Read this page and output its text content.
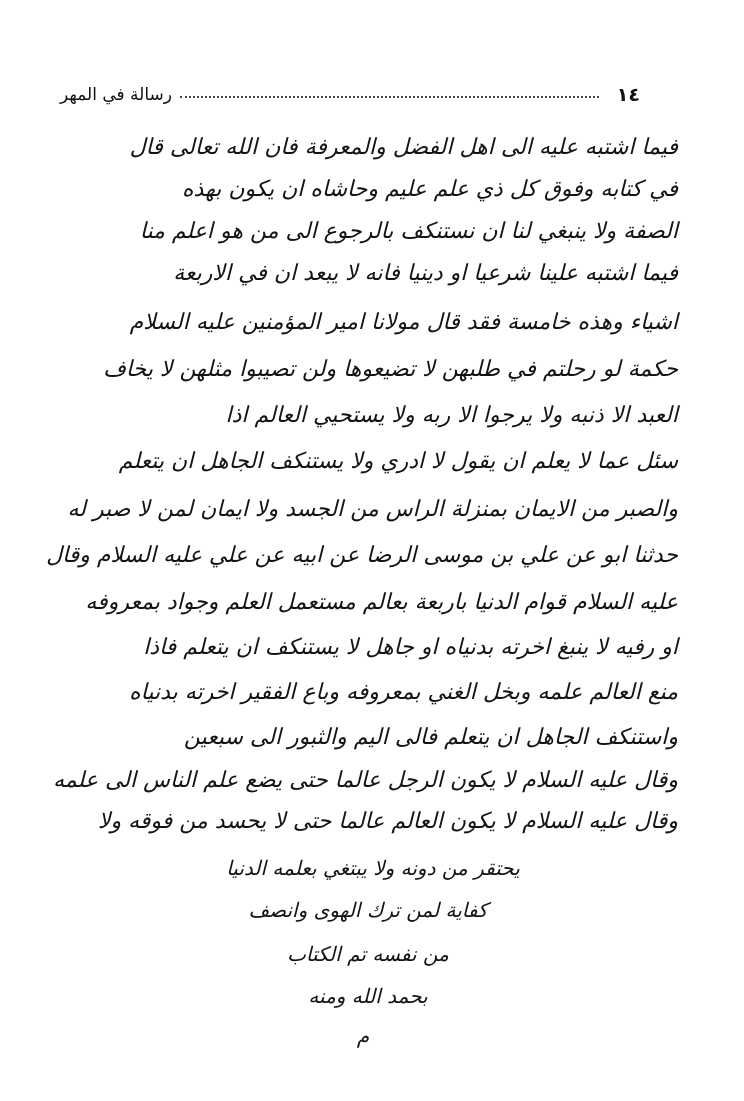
١٤
رسالة في المهر
فيما اشتبه عليه الى اهل الفضل والمعرفة فان الله تعالى قال
في كتابه وفوق كل ذي علم عليم وحاشاه ان يكون بهذه
الصفة ولا ينبغي لنا ان نستنكف بالرجوع الى من هو اعلم منا
فيما اشتبه علينا شرعيا او دينيا فانه لا يبعد ان في الاربعة
اشياء وهذه خامسة فقد قال مولانا امير المؤمنين عليه السلام
حكمة لو رحلتم في طلبهن لا تضيعوها ولن تصيبوا مثلهن لا يخاف
العبد الا ذنبه ولا يرجوا الا ربه ولا يستحيي العالم اذا
سئل عما لا يعلم ان يقول لا ادري ولا يستنكف الجاهل ان يتعلم
والصبر من الايمان بمنزلة الراس من الجسد ولا ايمان لمن لا صبر له
حدثنا ابو عن علي بن موسى الرضا عن ابيه عن علي عليه السلام وقال
عليه السلام قوام الدنيا باربعة بعالم مستعمل العلم وجواد بمعروفه
او رفيه لا ينبغ اخرته بدنياه او جاهل لا يستنكف ان يتعلم فاذا
منع العالم علمه وبخل الغني بمعروفه وباع الفقير اخرته بدنياه
واستنكف الجاهل ان يتعلم فالى اليم والثبور الى سبعين
وقال عليه السلام لا يكون الرجل عالما حتى يضع علم الناس الى علمه
وقال عليه السلام لا يكون العالم عالما حتى لا يحسد من فوقه ولا
يحتقر من دونه ولا يبتغي بعلمه الدنيا
كفاية لمن ترك الهوى وانصف
من نفسه تم الكتاب
بحمد الله ومنه
م
